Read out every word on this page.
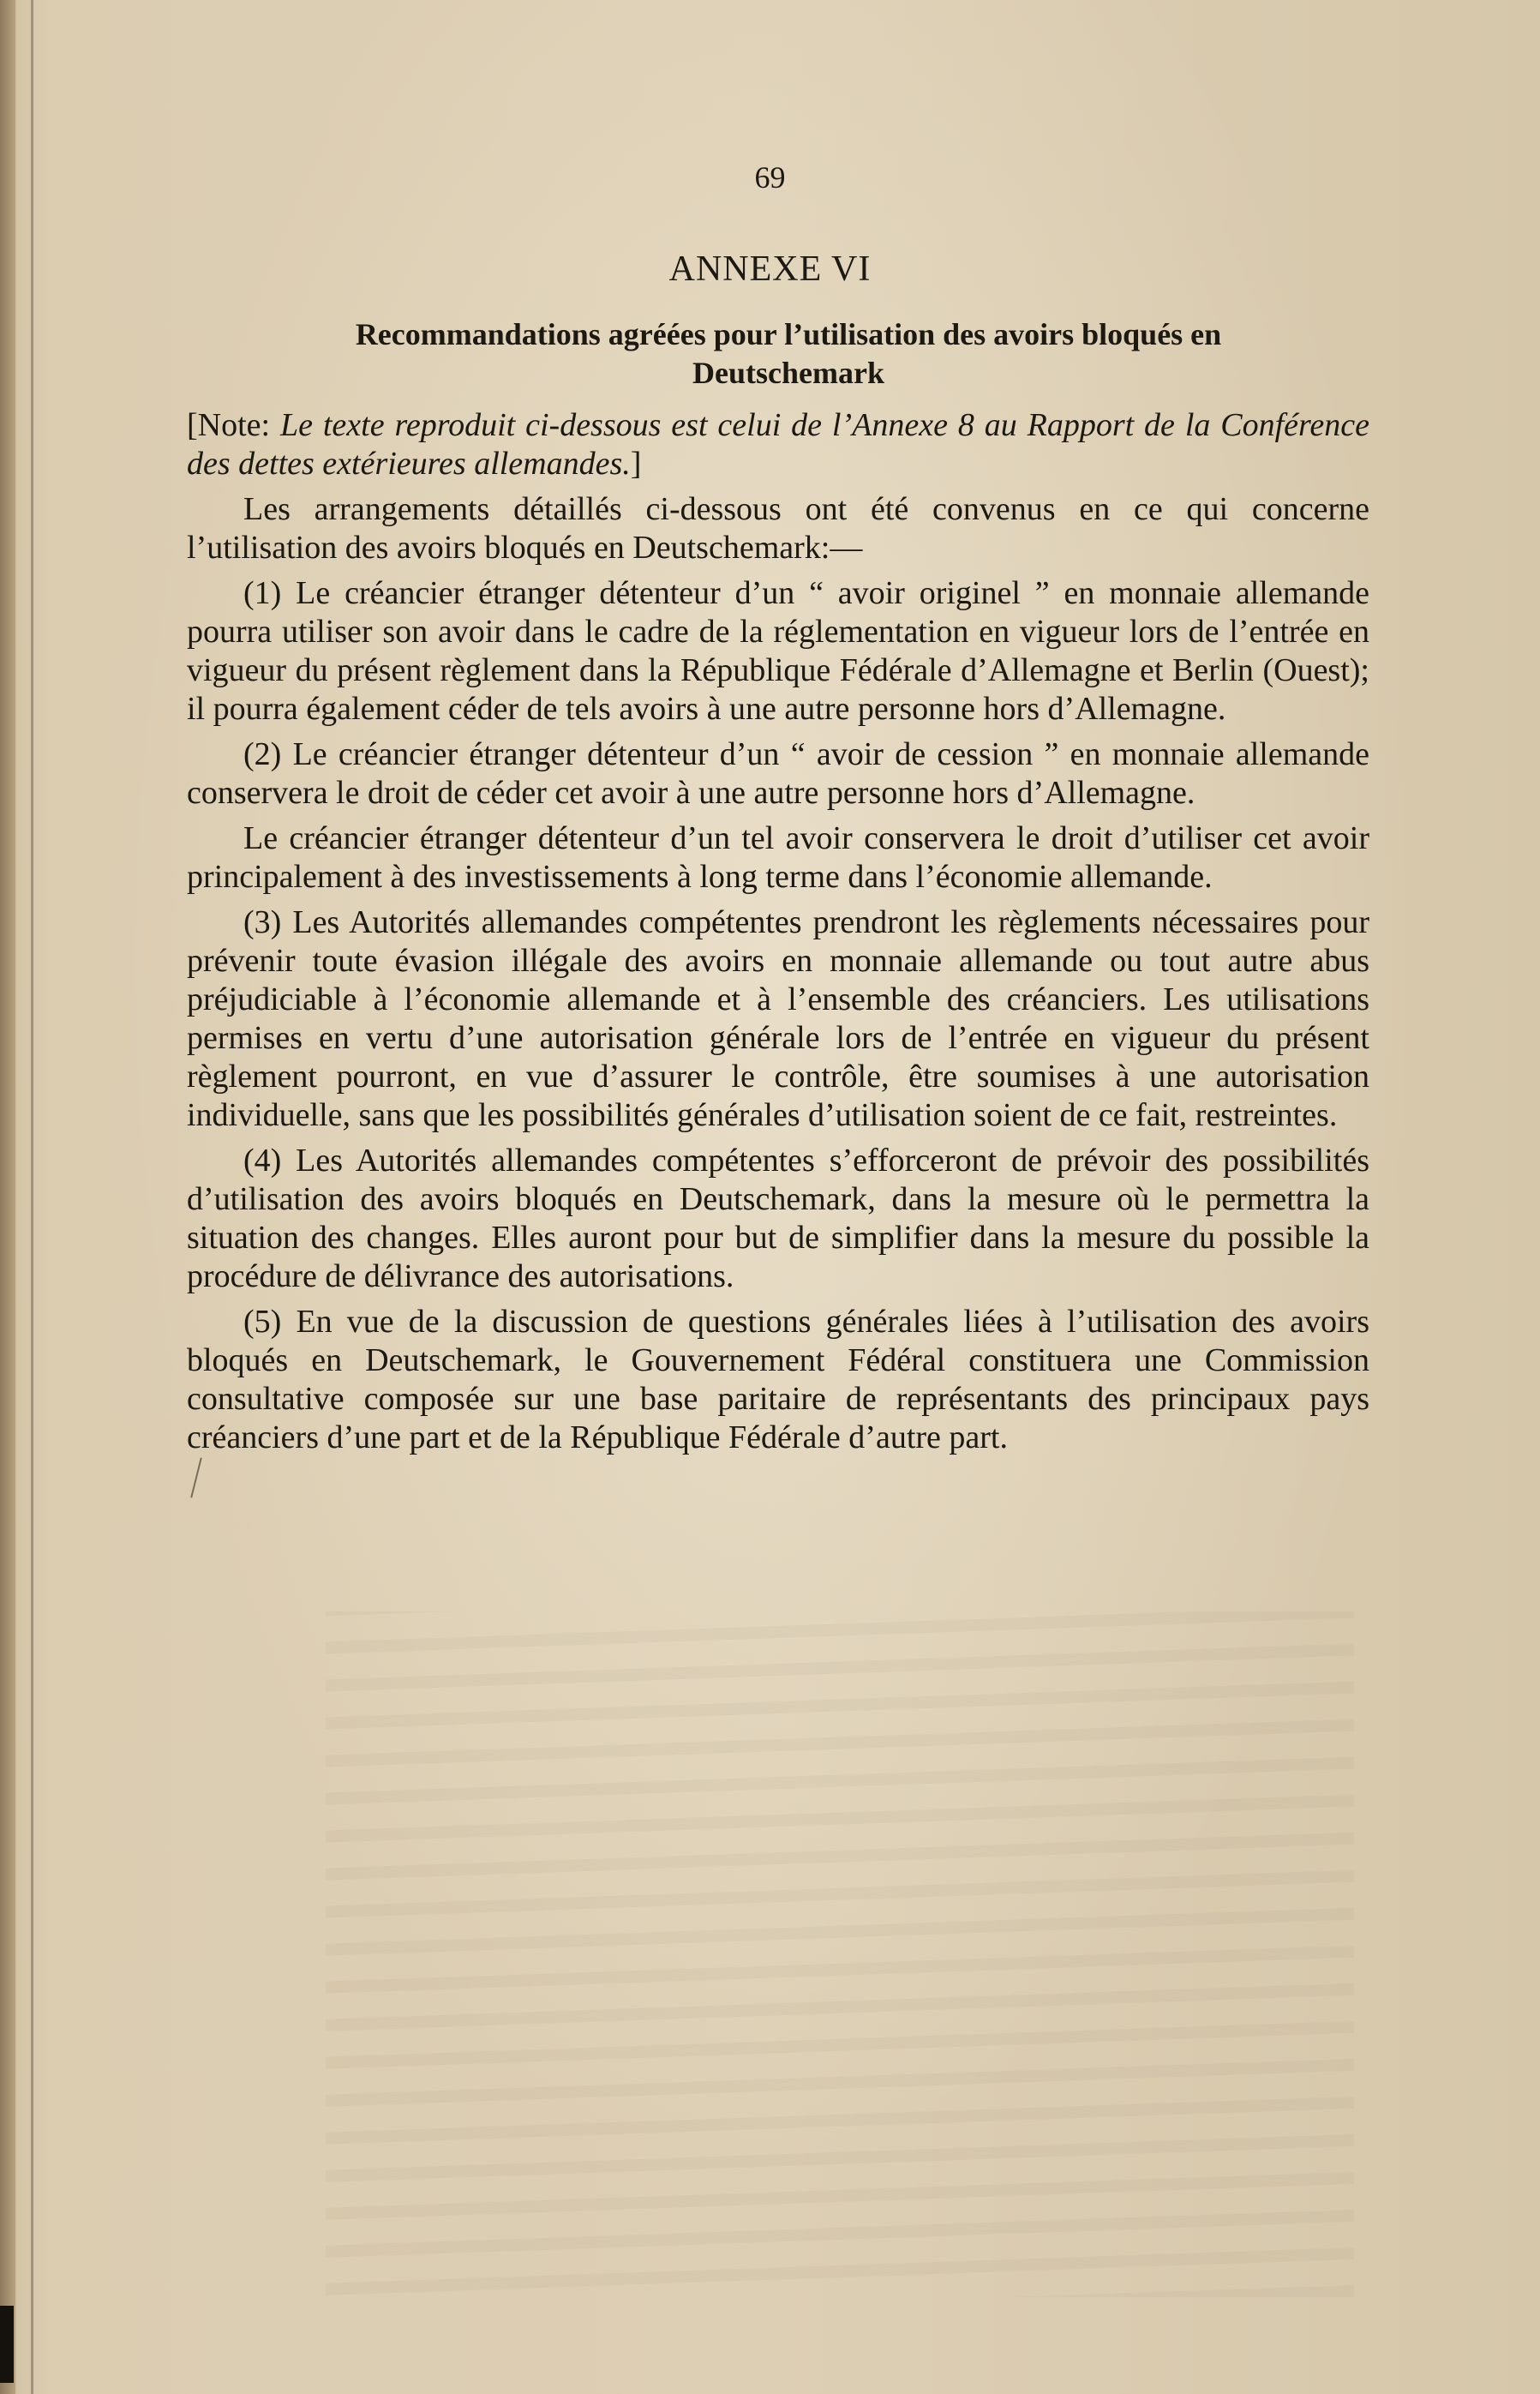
69
ANNEXE VI
Recommandations agréées pour l’utilisation des avoirs bloqués en Deutschemark

[Note: Le texte reproduit ci-dessous est celui de l’Annexe 8 au Rapport de la Conférence des dettes extérieures allemandes.]

Les arrangements détaillés ci-dessous ont été convenus en ce qui concerne l’utilisation des avoirs bloqués en Deutschemark:—

(1) Le créancier étranger détenteur d’un “ avoir originel ” en monnaie allemande pourra utiliser son avoir dans le cadre de la réglementation en vigueur lors de l’entrée en vigueur du présent règlement dans la République Fédérale d’Allemagne et Berlin (Ouest); il pourra également céder de tels avoirs à une autre personne hors d’Allemagne.

(2) Le créancier étranger détenteur d’un “ avoir de cession ” en monnaie allemande conservera le droit de céder cet avoir à une autre personne hors d’Allemagne.

Le créancier étranger détenteur d’un tel avoir conservera le droit d’utiliser cet avoir principalement à des investissements à long terme dans l’économie allemande.

(3) Les Autorités allemandes compétentes prendront les règlements nécessaires pour prévenir toute évasion illégale des avoirs en monnaie allemande ou tout autre abus préjudiciable à l’économie allemande et à l’ensemble des créanciers. Les utilisations permises en vertu d’une autorisation générale lors de l’entrée en vigueur du présent règlement pourront, en vue d’assurer le contrôle, être soumises à une autorisation individuelle, sans que les possibilités générales d’utilisation soient de ce fait, restreintes.

(4) Les Autorités allemandes compétentes s’efforceront de prévoir des possibilités d’utilisation des avoirs bloqués en Deutschemark, dans la mesure où le permettra la situation des changes. Elles auront pour but de simplifier dans la mesure du possible la procédure de délivrance des autorisations.

(5) En vue de la discussion de questions générales liées à l’utilisation des avoirs bloqués en Deutschemark, le Gouvernement Fédéral constituera une Commission consultative composée sur une base paritaire de représentants des principaux pays créanciers d’une part et de la République Fédérale d’autre part.
